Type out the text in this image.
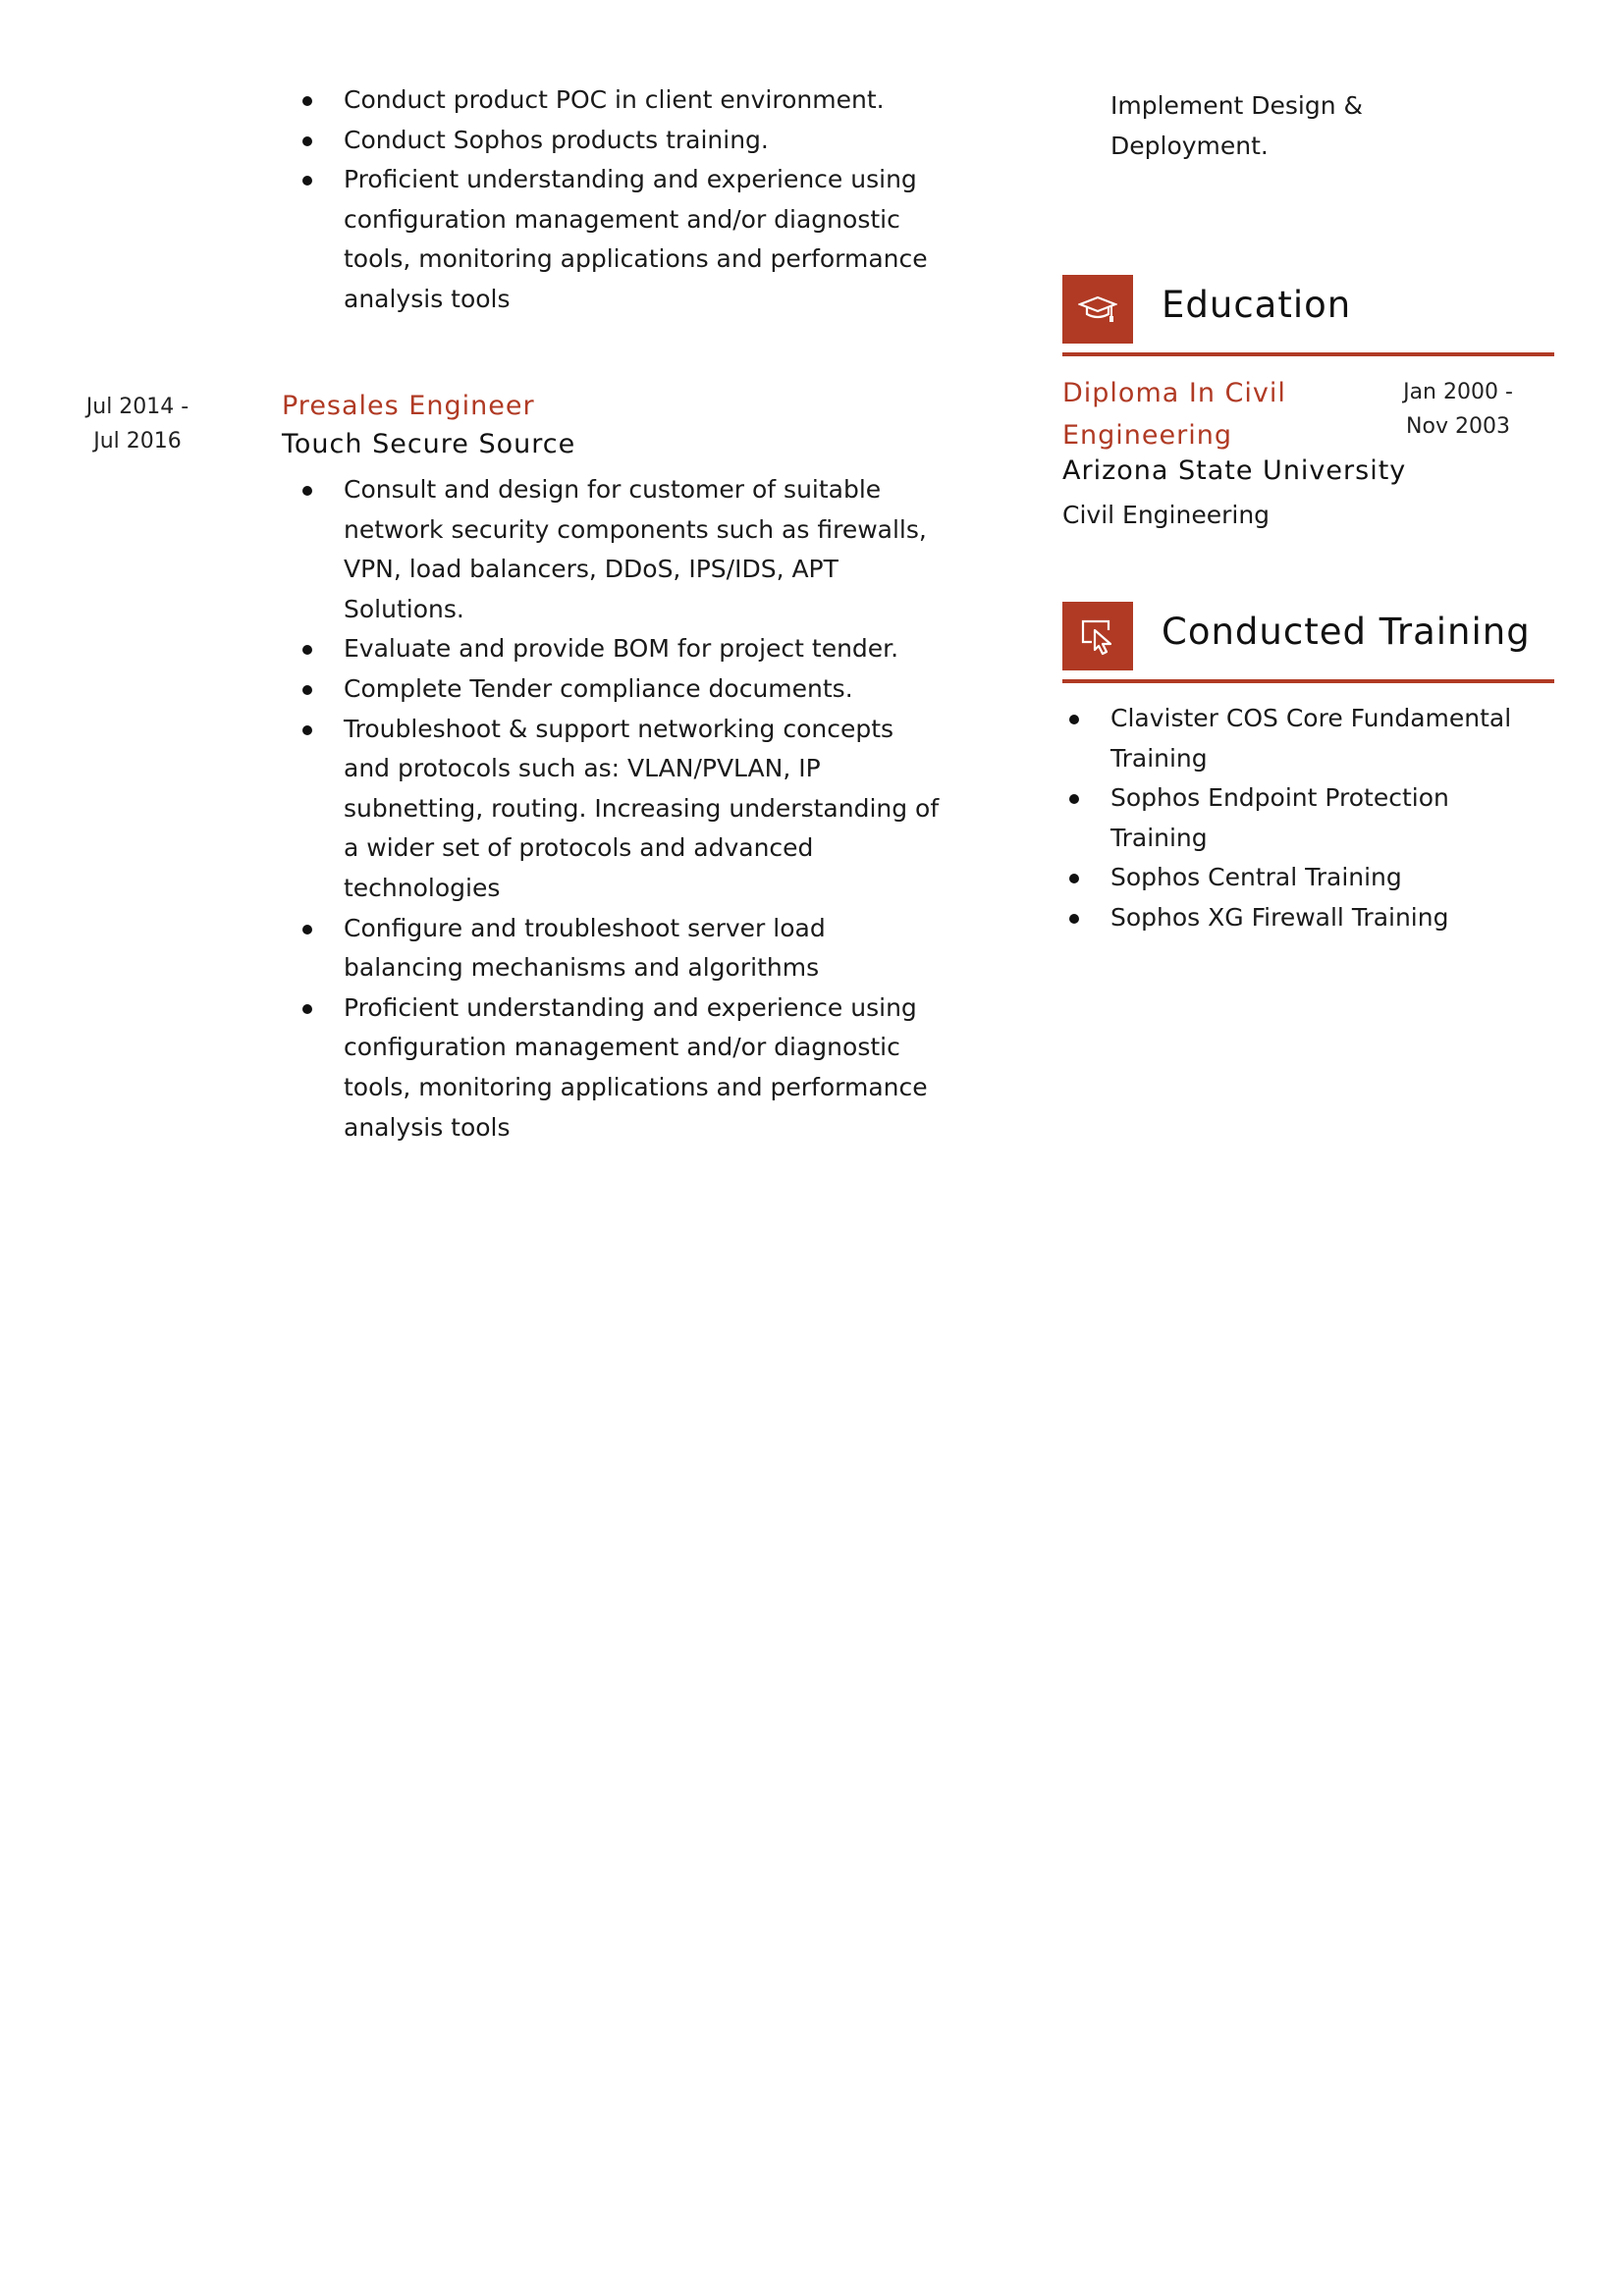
Conduct product POC in client environment.
Conduct Sophos products training.
Proficient understanding and experience using
configuration management and/or diagnostic
tools, monitoring applications and performance
analysis tools
Jul 2014 -
Jul 2016
Presales Engineer
Touch Secure Source
Consult and design for customer of suitable
network security components such as firewalls,
VPN, load balancers, DDoS, IPS/IDS, APT
Solutions.
Evaluate and provide BOM for project tender.
Complete Tender compliance documents.
Troubleshoot & support networking concepts
and protocols such as: VLAN/PVLAN, IP
subnetting, routing. Increasing understanding of
a wider set of protocols and advanced
technologies
Configure and troubleshoot server load
balancing mechanisms and algorithms
Proficient understanding and experience using
configuration management and/or diagnostic
tools, monitoring applications and performance
analysis tools
Implement Design &
Deployment.
Education
Diploma In Civil
Engineering
Jan 2000 -
Nov 2003
Arizona State University
Civil Engineering
Conducted Training
Clavister COS Core Fundamental
Training
Sophos Endpoint Protection
Training
Sophos Central Training
Sophos XG Firewall Training
